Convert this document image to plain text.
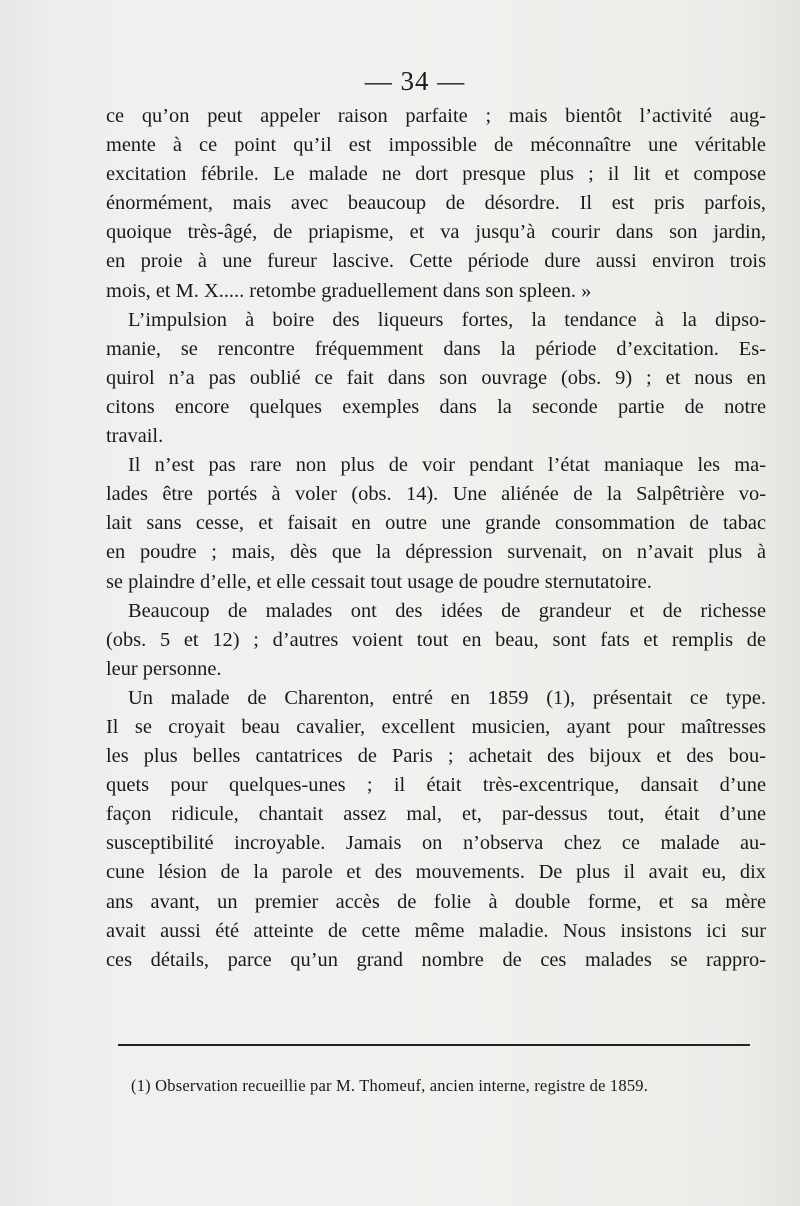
— 34 —

ce qu’on peut appeler raison parfaite ; mais bientôt l’activité aug-
mente à ce point qu’il est impossible de méconnaître une véritable
excitation fébrile. Le malade ne dort presque plus ; il lit et compose
énormément, mais avec beaucoup de désordre. Il est pris parfois,
quoique très-âgé, de priapisme, et va jusqu’à courir dans son jardin,
en proie à une fureur lascive. Cette période dure aussi environ trois
mois, et M. X..... retombe graduellement dans son spleen. »

L’impulsion à boire des liqueurs fortes, la tendance à la dipso-
manie, se rencontre fréquemment dans la période d’excitation. Es-
quirol n’a pas oublié ce fait dans son ouvrage (obs. 9) ; et nous en
citons encore quelques exemples dans la seconde partie de notre
travail.

Il n’est pas rare non plus de voir pendant l’état maniaque les ma-
lades être portés à voler (obs. 14). Une aliénée de la Salpêtrière vo-
lait sans cesse, et faisait en outre une grande consommation de tabac
en poudre ; mais, dès que la dépression survenait, on n’avait plus à
se plaindre d’elle, et elle cessait tout usage de poudre sternutatoire.

Beaucoup de malades ont des idées de grandeur et de richesse
(obs. 5 et 12) ; d’autres voient tout en beau, sont fats et remplis de
leur personne.

Un malade de Charenton, entré en 1859 (1), présentait ce type.
Il se croyait beau cavalier, excellent musicien, ayant pour maîtresses
les plus belles cantatrices de Paris ; achetait des bijoux et des bou-
quets pour quelques-unes ; il était très-excentrique, dansait d’une
façon ridicule, chantait assez mal, et, par-dessus tout, était d’une
susceptibilité incroyable. Jamais on n’observa chez ce malade au-
cune lésion de la parole et des mouvements. De plus il avait eu, dix
ans avant, un premier accès de folie à double forme, et sa mère
avait aussi été atteinte de cette même maladie. Nous insistons ici sur
ces détails, parce qu’un grand nombre de ces malades se rappro-

(1) Observation recueillie par M. Thomeuf, ancien interne, registre de 1859.
